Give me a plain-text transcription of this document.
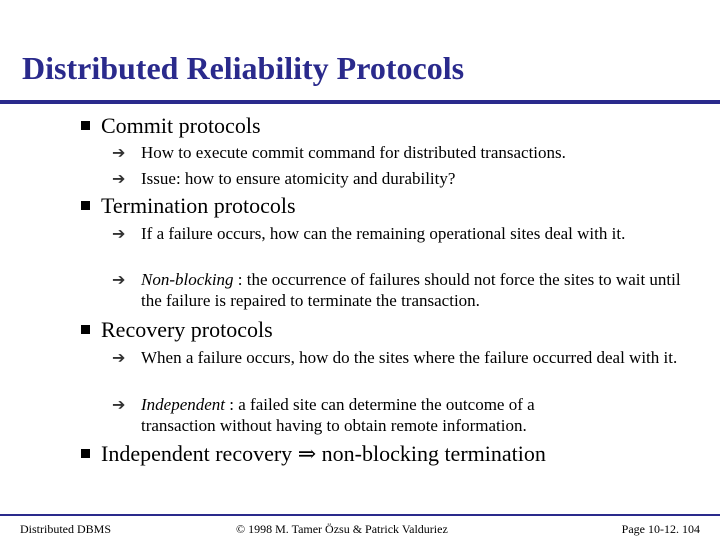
Distributed Reliability Protocols
Commit protocols
➔ How to execute commit command for distributed transactions.
➔ Issue: how to ensure atomicity and durability?
Termination protocols
➔ If a failure occurs, how can the remaining operational sites deal with it.
➔ Non-blocking : the occurrence of failures should not force the sites to wait until the failure is repaired to terminate the transaction.
Recovery protocols
➔ When a failure occurs, how do the sites where the failure occurred deal with it.
➔ Independent : a failed site can determine the outcome of a transaction without having to obtain remote information.
Independent recovery ⇒ non-blocking termination
Distributed DBMS	© 1998 M. Tamer Özsu & Patrick Valduriez	Page 10-12. 104
